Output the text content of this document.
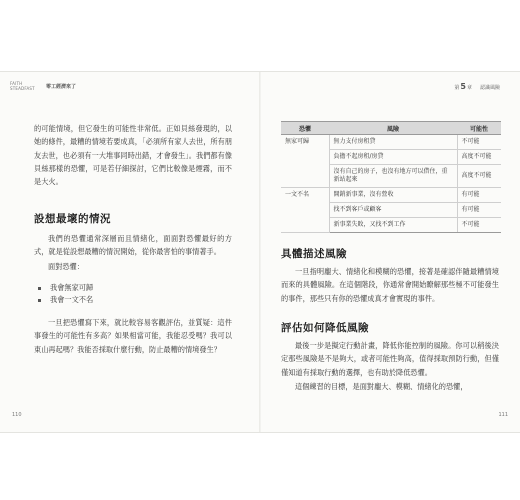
FAITH STEADFAST	零工經濟來了

的可能情境，但它發生的可能性非常低。正如貝絲發現的，以她的條件，最糟的情境若要成真，「必須所有家人去世，所有朋友去世，也必須有一大堆事同時出錯，才會發生」。我們都有像貝絲那樣的恐懼，可是若仔細探討，它們比較像是煙霧，而不是大火。

設想最壞的情況

我們的恐懼通常深層而且情緒化，面面對恐懼最好的方式，就是從設想最糟的情況開始，從你最害怕的事情著手。

面對恐懼：

我會無家可歸
我會一文不名

一旦把恐懼寫下來，就比較容易客觀評估，並質疑：這件事發生的可能性有多高？如果相當可能，我能忍受嗎？我可以東山再起嗎？我能否採取什麼行動，防止最糟的情境發生？

110
第5章 認識風險
恐懼	風險	可能性
無家可歸	無力支付房租貸	不可能
	負擔不起房租/房貸	高度不可能
	沒有自己的房子，也沒有地方可以借住，重新站起來	高度不可能
一文不名	開銷新事業，沒有營收	有可能
	找不到客戶或顧客	有可能
	新事業失敗，又找不到工作	不可能
具體描述風險

一旦指明龐大、情緒化和模糊的恐懼，接著是確認伴隨最糟情境而來的具體風險。在這個階段，你通常會開始瞭解那些極不可能發生的事件，那些只有你的恐懼成真才會實現的事件。

評估如何降低風險

最後一步是擬定行動計畫，降低你能控制的風險。你可以稍後決定那些風險是不是夠大，或者可能性夠高，值得採取預防行動，但僅僅知道有採取行動的選擇，也有助於降低恐懼。

這個練習的目標，是面對龐大、模糊、情緒化的恐懼，

111
